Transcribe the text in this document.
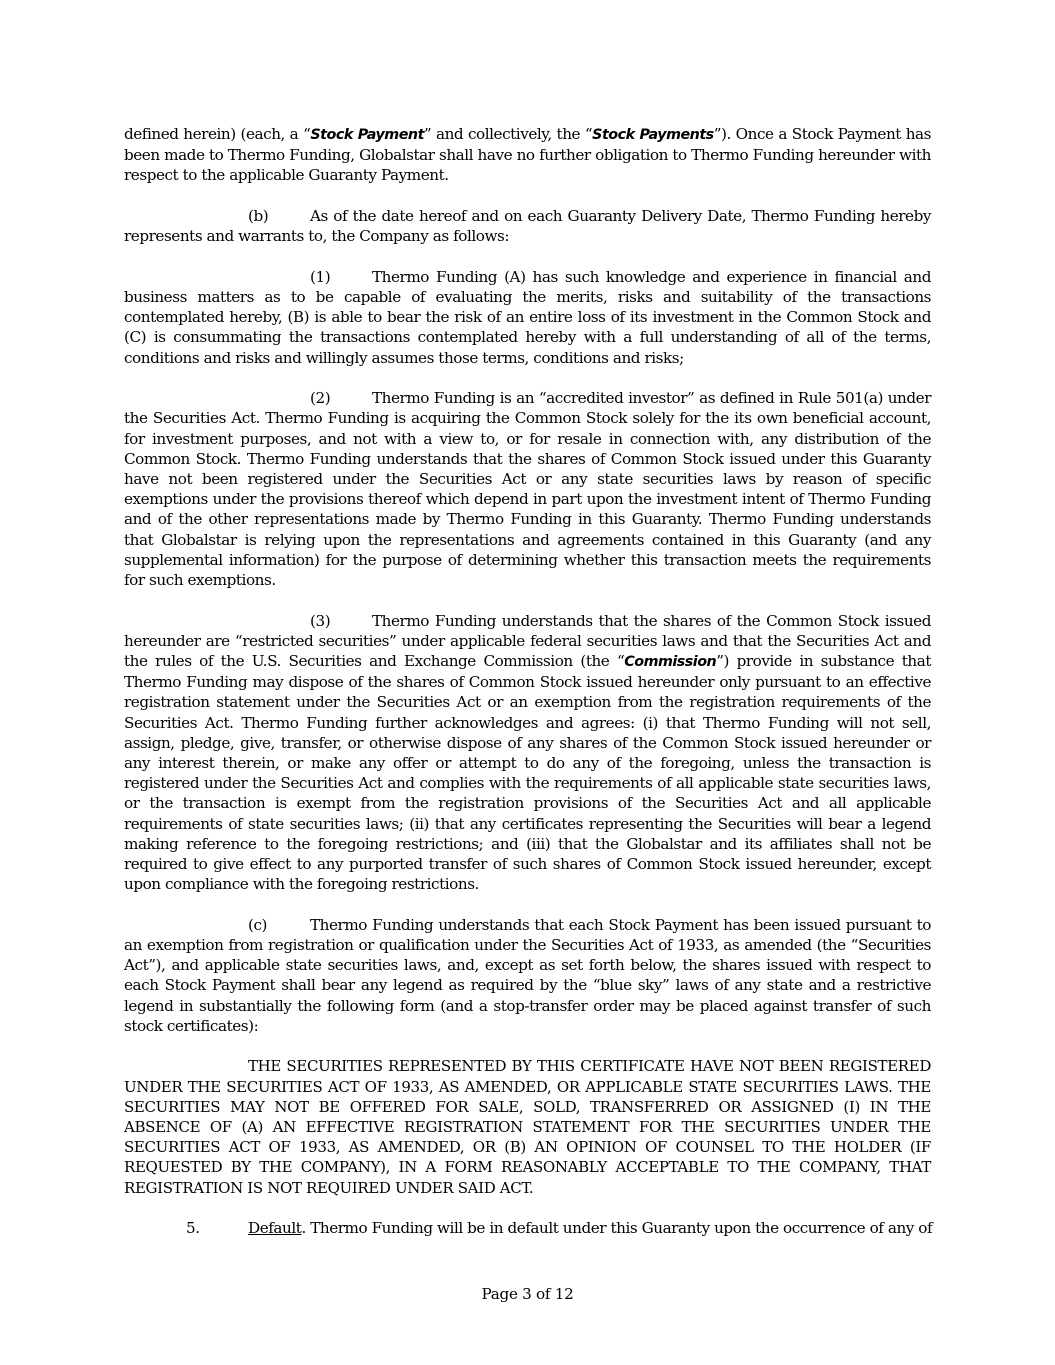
defined herein) (each, a “Stock Payment” and collectively, the “Stock Payments”). Once a Stock Payment has been made to Thermo Funding, Globalstar shall have no further obligation to Thermo Funding hereunder with respect to the applicable Guaranty Payment.

(b)	As of the date hereof and on each Guaranty Delivery Date, Thermo Funding hereby represents and warrants to, the Company as follows:

(1)	Thermo Funding (A) has such knowledge and experience in financial and business matters as to be capable of evaluating the merits, risks and suitability of the transactions contemplated hereby, (B) is able to bear the risk of an entire loss of its investment in the Common Stock and (C) is consummating the transactions contemplated hereby with a full understanding of all of the terms, conditions and risks and willingly assumes those terms, conditions and risks;

(2)	Thermo Funding is an “accredited investor” as defined in Rule 501(a) under the Securities Act. Thermo Funding is acquiring the Common Stock solely for the its own beneficial account, for investment purposes, and not with a view to, or for resale in connection with, any distribution of the Common Stock. Thermo Funding understands that the shares of Common Stock issued under this Guaranty have not been registered under the Securities Act or any state securities laws by reason of specific exemptions under the provisions thereof which depend in part upon the investment intent of Thermo Funding and of the other representations made by Thermo Funding in this Guaranty. Thermo Funding understands that Globalstar is relying upon the representations and agreements contained in this Guaranty (and any supplemental information) for the purpose of determining whether this transaction meets the requirements for such exemptions.

(3)	Thermo Funding understands that the shares of the Common Stock issued hereunder are “restricted securities” under applicable federal securities laws and that the Securities Act and the rules of the U.S. Securities and Exchange Commission (the “Commission”) provide in substance that Thermo Funding may dispose of the shares of Common Stock issued hereunder only pursuant to an effective registration statement under the Securities Act or an exemption from the registration requirements of the Securities Act. Thermo Funding further acknowledges and agrees: (i) that Thermo Funding will not sell, assign, pledge, give, transfer, or otherwise dispose of any shares of the Common Stock issued hereunder or any interest therein, or make any offer or attempt to do any of the foregoing, unless the transaction is registered under the Securities Act and complies with the requirements of all applicable state securities laws, or the transaction is exempt from the registration provisions of the Securities Act and all applicable requirements of state securities laws; (ii) that any certificates representing the Securities will bear a legend making reference to the foregoing restrictions; and (iii) that the Globalstar and its affiliates shall not be required to give effect to any purported transfer of such shares of Common Stock issued hereunder, except upon compliance with the foregoing restrictions.

(c)	Thermo Funding understands that each Stock Payment has been issued pursuant to an exemption from registration or qualification under the Securities Act of 1933, as amended (the “Securities Act”), and applicable state securities laws, and, except as set forth below, the shares issued with respect to each Stock Payment shall bear any legend as required by the “blue sky” laws of any state and a restrictive legend in substantially the following form (and a stop-transfer order may be placed against transfer of such stock certificates):

THE SECURITIES REPRESENTED BY THIS CERTIFICATE HAVE NOT BEEN REGISTERED UNDER THE SECURITIES ACT OF 1933, AS AMENDED, OR APPLICABLE STATE SECURITIES LAWS. THE SECURITIES MAY NOT BE OFFERED FOR SALE, SOLD, TRANSFERRED OR ASSIGNED (I) IN THE ABSENCE OF (A) AN EFFECTIVE REGISTRATION STATEMENT FOR THE SECURITIES UNDER THE SECURITIES ACT OF 1933, AS AMENDED, OR (B) AN OPINION OF COUNSEL TO THE HOLDER (IF REQUESTED BY THE COMPANY), IN A FORM REASONABLY ACCEPTABLE TO THE COMPANY, THAT REGISTRATION IS NOT REQUIRED UNDER SAID ACT.

5.	Default. Thermo Funding will be in default under this Guaranty upon the occurrence of any of

Page 3 of 12
